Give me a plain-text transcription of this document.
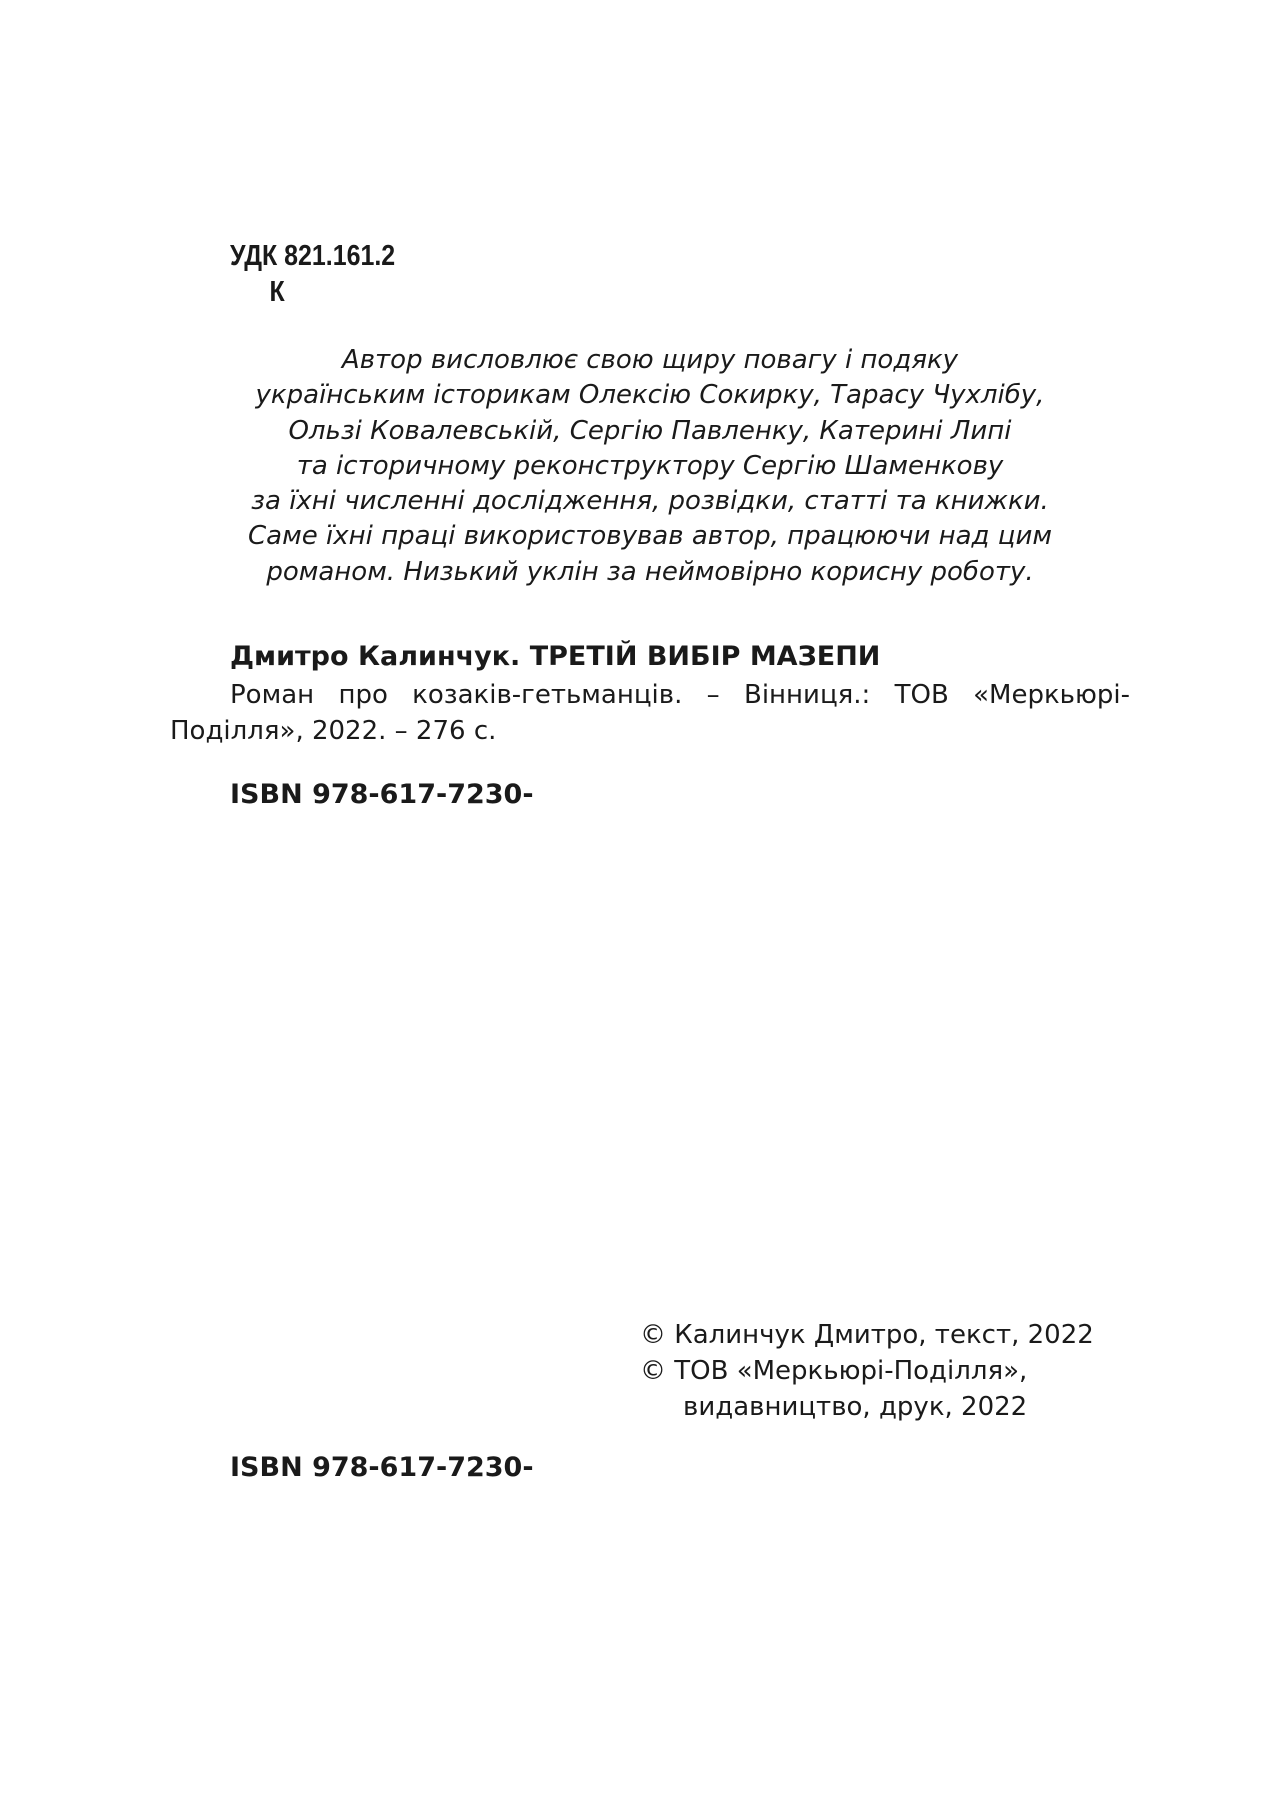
УДК 821.161.2
К
Автор висловлює свою щиру повагу і подяку
українським історикам Олексію Сокирку, Тарасу Чухлібу,
Ользі Ковалевській, Сергію Павленку, Катерині Липі
та історичному реконструктору Сергію Шаменкову
за їхні численні дослідження, розвідки, статті та книжки.
Саме їхні праці використовував автор, працюючи над цим
романом. Низький уклін за неймовірно корисну роботу.
Дмитро Калинчук. ТРЕТІЙ ВИБІР МАЗЕПИ
Роман про козаків-гетьманців. – Вінниця.: ТОВ «Меркьюрі-
Поділля», 2022. – 276 с.
ISBN 978-617-7230-
© Калинчук Дмитро, текст, 2022
© ТОВ «Меркьюрі-Поділля»,
видавництво, друк, 2022
ISBN 978-617-7230-
